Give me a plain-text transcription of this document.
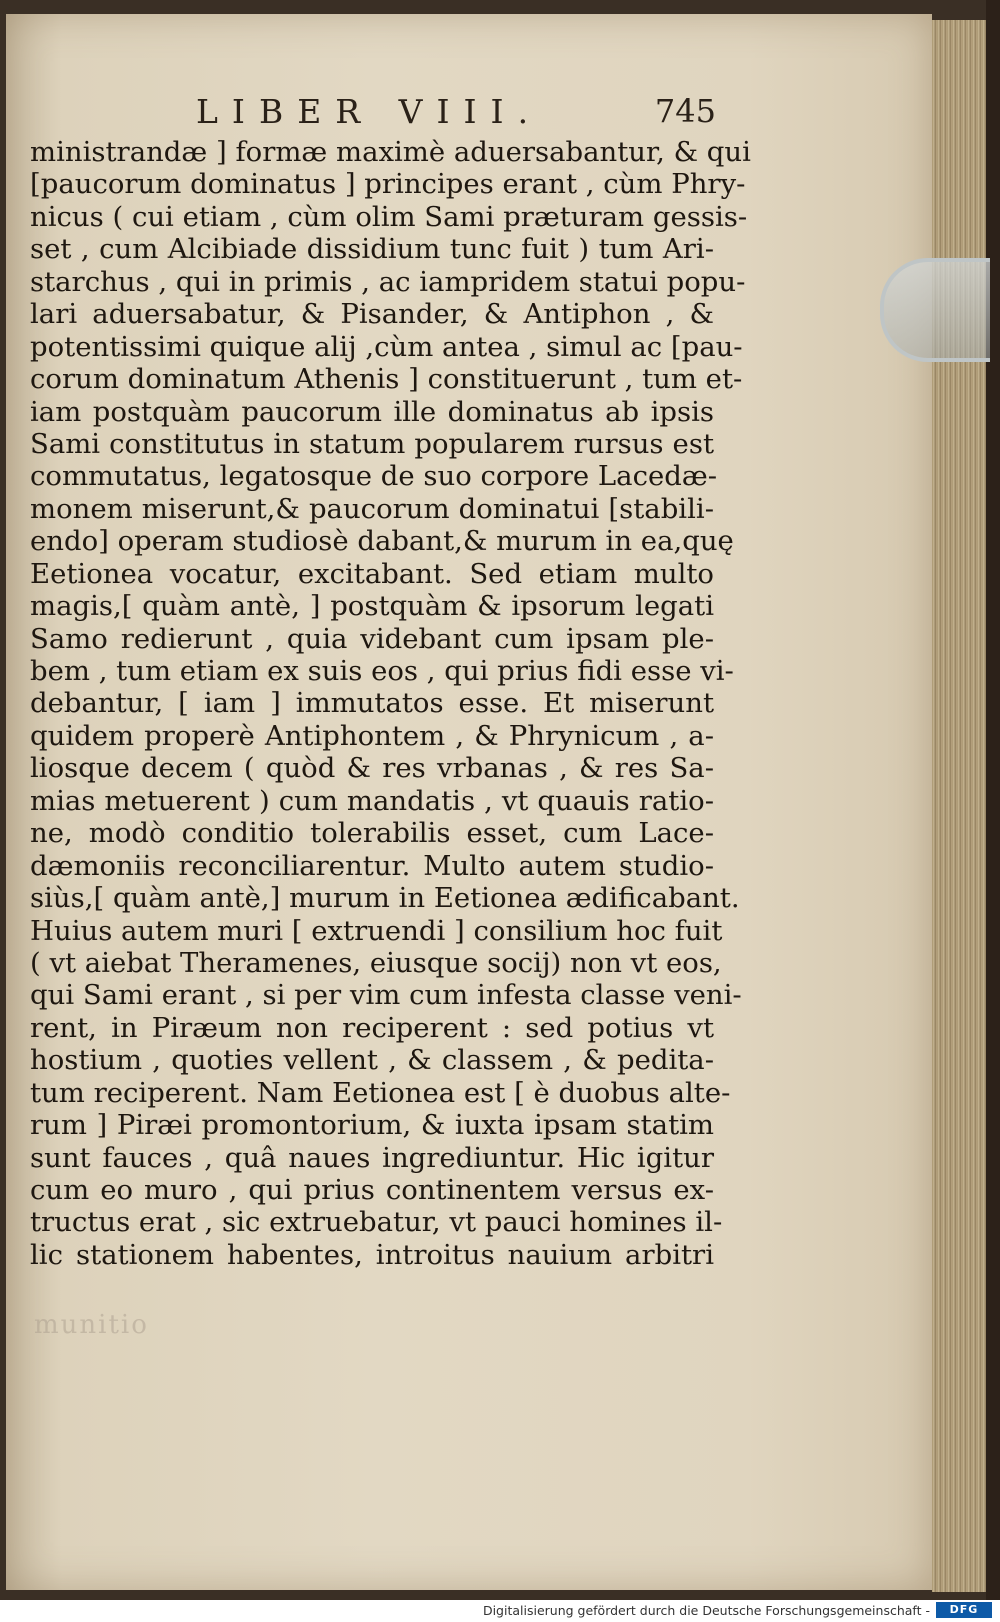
LIBER VIII.	745
ministrandæ ] formæ maximè aduersabantur, & qui
[paucorum dominatus ] principes erant , cùm Phry-
nicus ( cui etiam , cùm olim Sami præturam gessis-
set , cum Alcibiade dissidium tunc fuit ) tum Ari-
starchus , qui in primis , ac iampridem statui popu-
lari aduersabatur, & Pisander, & Antiphon , &
potentissimi quique alij ,cùm antea , simul ac [pau-
corum dominatum Athenis ] constituerunt , tum et-
iam postquàm paucorum ille dominatus ab ipsis
Sami constitutus in statum popularem rursus est
commutatus, legatosque de suo corpore Lacedæ-
monem miserunt,& paucorum dominatui [stabili-
endo] operam studiosè dabant,& murum in ea,quę
Eetionea vocatur, excitabant. Sed etiam multo
magis,[ quàm antè, ] postquàm & ipsorum legati
Samo redierunt , quia videbant cum ipsam ple-
bem , tum etiam ex suis eos , qui prius fidi esse vi-
debantur, [ iam ] immutatos esse. Et miserunt
quidem properè Antiphontem , & Phrynicum , a-
liosque decem ( quòd & res vrbanas , & res Sa-
mias metuerent ) cum mandatis , vt quauis ratio-
ne, modò conditio tolerabilis esset, cum Lace-
dæmoniis reconciliarentur. Multo autem studio-
siùs,[ quàm antè,] murum in Eetionea ædificabant.
Huius autem muri [ extruendi ] consilium hoc fuit
( vt aiebat Theramenes, eiusque socij) non vt eos,
qui Sami erant , si per vim cum infesta classe veni-
rent, in Piræum non reciperent : sed potius vt
hostium , quoties vellent , & classem , & pedita-
tum reciperent. Nam Eetionea est [ è duobus alte-
rum ] Piræi promontorium, & iuxta ipsam statim
sunt fauces , quâ naues ingrediuntur. Hic igitur
cum eo muro , qui prius continentem versus ex-
tructus erat , sic extruebatur, vt pauci homines il-
lic stationem habentes, introitus nauium arbitri
munitio
Digitalisierung gefördert durch die Deutsche Forschungsgemeinschaft -	DFG
